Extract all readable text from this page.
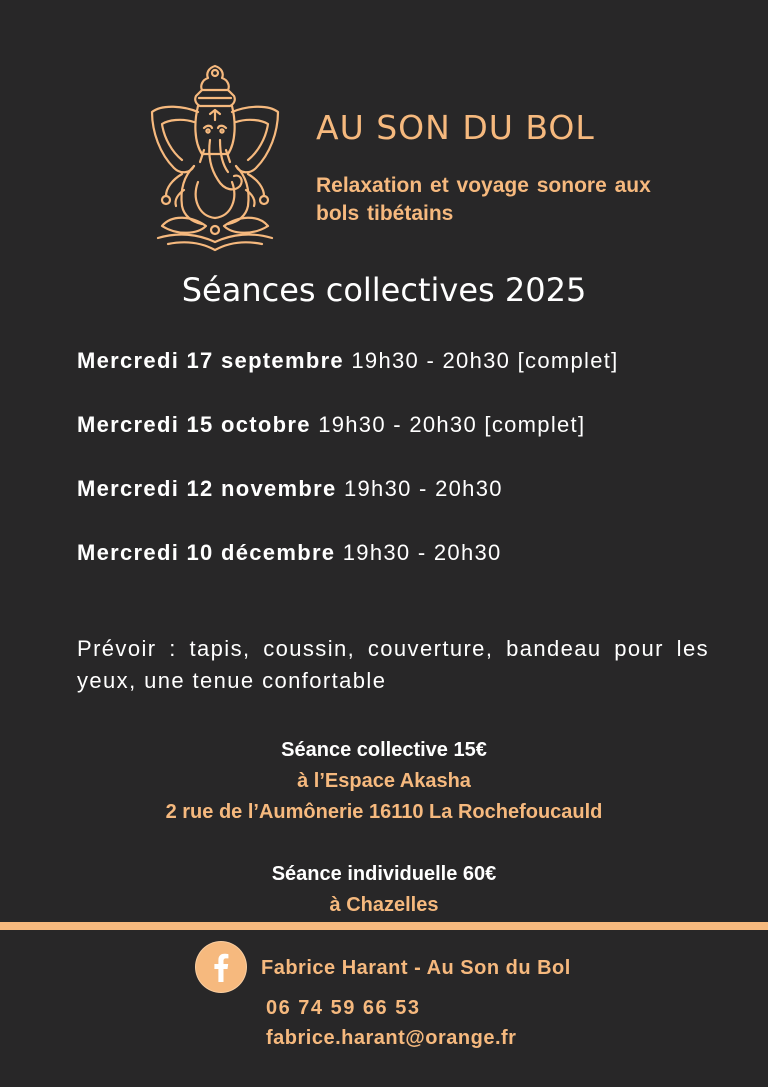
AU SON DU BOL
Relaxation et voyage sonore aux bols tibétains
Séances collectives 2025
Mercredi 17 septembre 19h30 - 20h30 [complet]
Mercredi 15 octobre 19h30 - 20h30 [complet]
Mercredi 12 novembre 19h30 - 20h30
Mercredi 10 décembre 19h30 - 20h30
Prévoir : tapis, coussin, couverture, bandeau pour les yeux, une tenue confortable
Séance collective 15€
à l’Espace Akasha
2 rue de l’Aumônerie 16110 La Rochefoucauld
Séance individuelle 60€
à Chazelles
Fabrice Harant - Au Son du Bol
06 74 59 66 53
fabrice.harant@orange.fr
